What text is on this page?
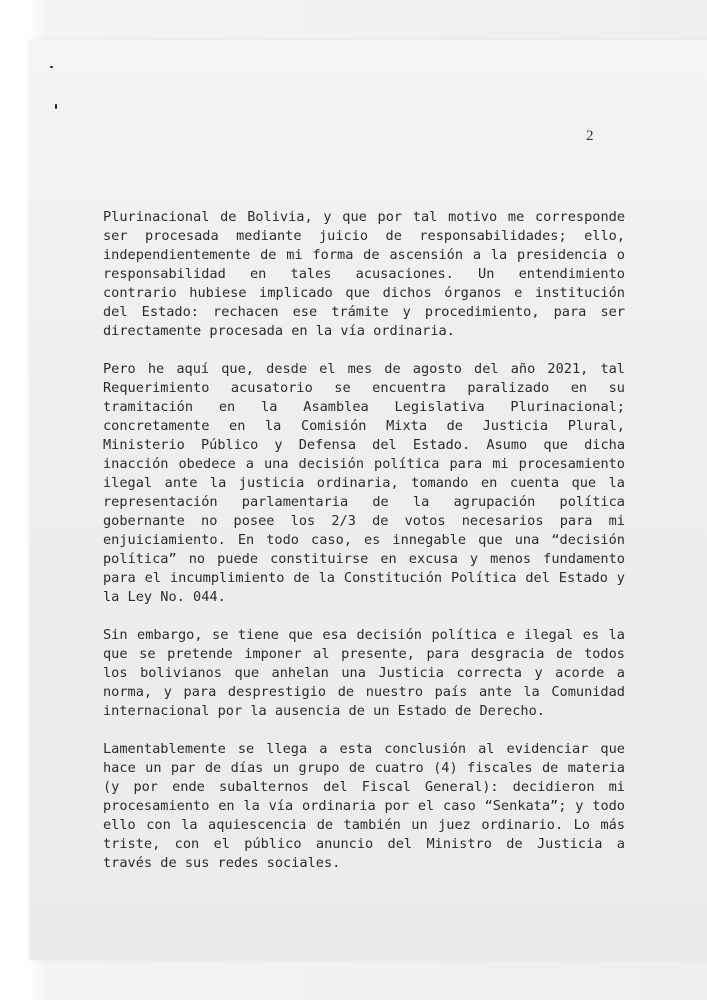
2

Plurinacional de Bolivia, y que por tal motivo me corresponde ser procesada mediante juicio de responsabilidades; ello, independientemente de mi forma de ascensión a la presidencia o responsabilidad en tales acusaciones. Un entendimiento contrario hubiese implicado que dichos órganos e institución del Estado: rechacen ese trámite y procedimiento, para ser directamente procesada en la vía ordinaria.

Pero he aquí que, desde el mes de agosto del año 2021, tal Requerimiento acusatorio se encuentra paralizado en su tramitación en la Asamblea Legislativa Plurinacional; concretamente en la Comisión Mixta de Justicia Plural, Ministerio Público y Defensa del Estado. Asumo que dicha inacción obedece a una decisión política para mi procesamiento ilegal ante la justicia ordinaria, tomando en cuenta que la representación parlamentaria de la agrupación política gobernante no posee los 2/3 de votos necesarios para mi enjuiciamiento. En todo caso, es innegable que una “decisión política” no puede constituirse en excusa y menos fundamento para el incumplimiento de la Constitución Política del Estado y la Ley No. 044.

Sin embargo, se tiene que esa decisión política e ilegal es la que se pretende imponer al presente, para desgracia de todos los bolivianos que anhelan una Justicia correcta y acorde a norma, y para desprestigio de nuestro país ante la Comunidad internacional por la ausencia de un Estado de Derecho.

Lamentablemente se llega a esta conclusión al evidenciar que hace un par de días un grupo de cuatro (4) fiscales de materia (y por ende subalternos del Fiscal General): decidieron mi procesamiento en la vía ordinaria por el caso “Senkata”; y todo ello con la aquiescencia de también un juez ordinario. Lo más triste, con el público anuncio del Ministro de Justicia a través de sus redes sociales.
